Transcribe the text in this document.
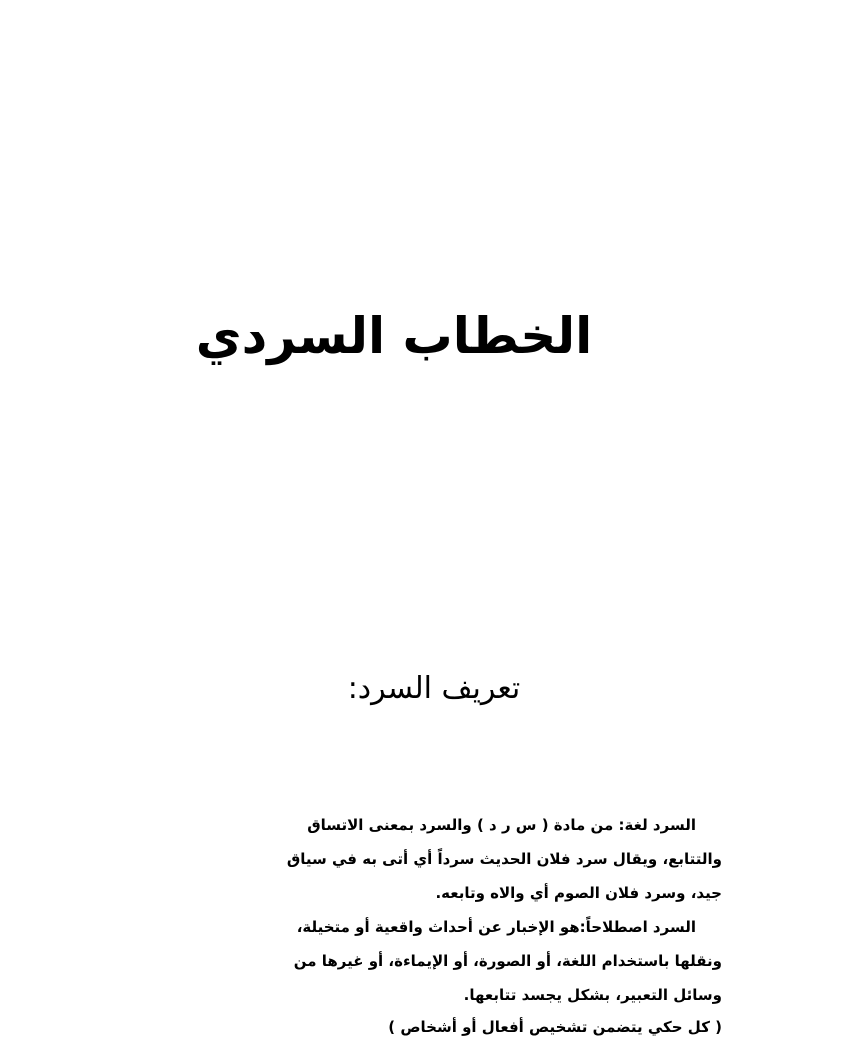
الخطاب السردي
تعريف السرد:
السرد لغة: من مادة ( س ر د ) والسرد بمعنى الاتساق
والتتابع، ويقال سرد فلان الحديث سرداً أي أتى به في سياق
جيد، وسرد فلان الصوم أي والاه وتابعه.
السرد اصطلاحاً:هو الإخبار عن أحداث واقعية أو متخيلة،
ونقلها باستخدام اللغة، أو الصورة، أو الإيماءة، أو غيرها من
وسائل التعبير، بشكل يجسد تتابعها.
( كل حكي يتضمن تشخيص أفعال أو أشخاص )
